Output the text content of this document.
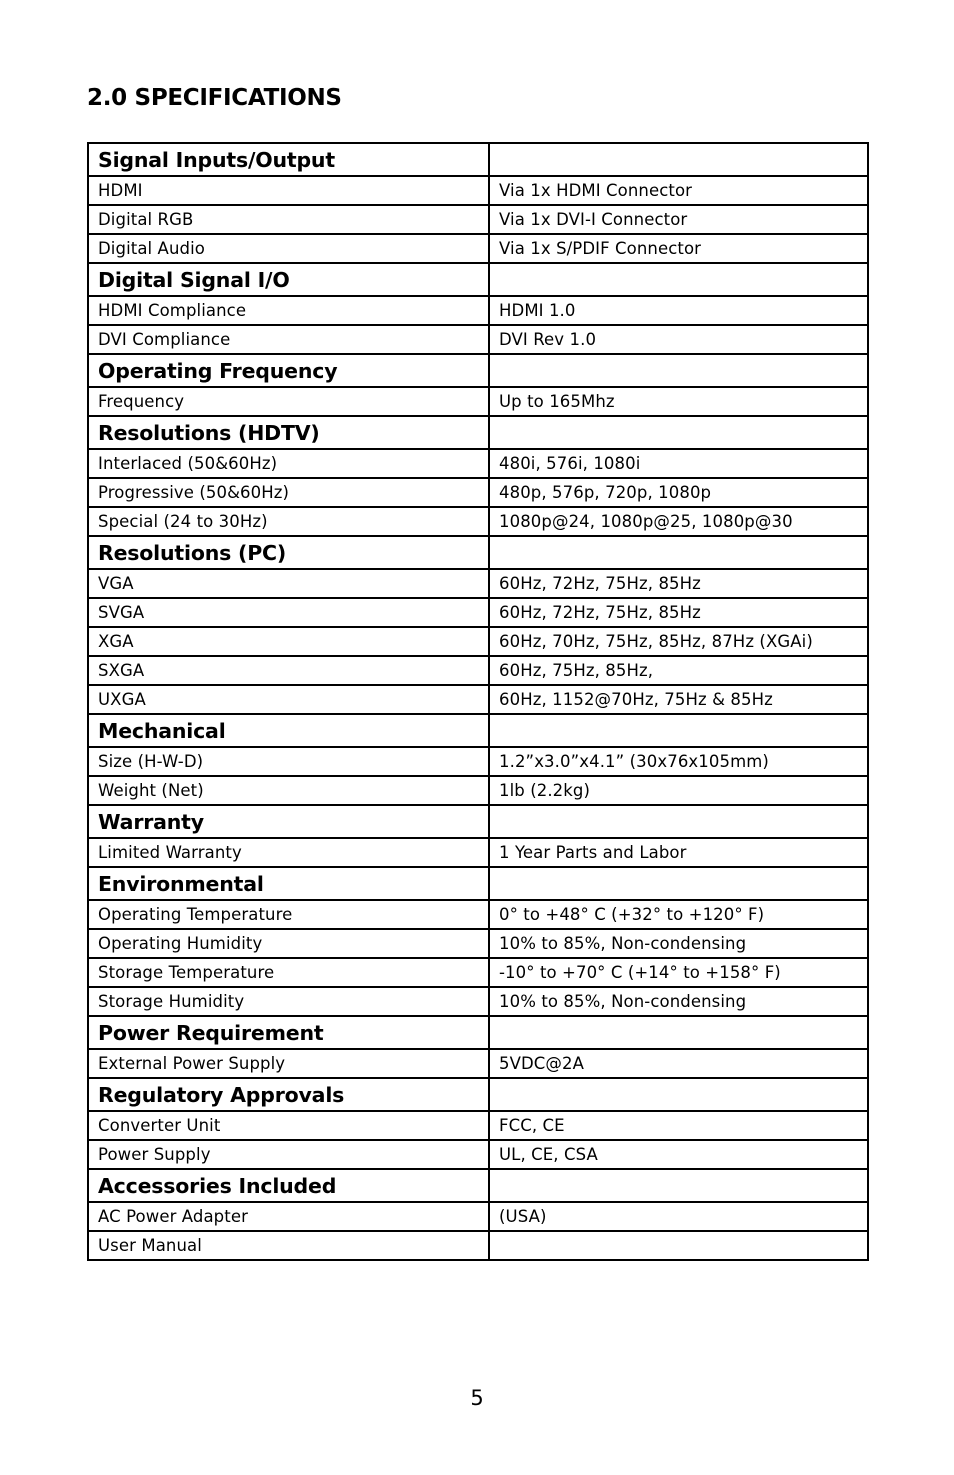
2.0 SPECIFICATIONS
Signal Inputs/Output	
HDMI	Via 1x HDMI Connector
Digital RGB	Via 1x DVI-I Connector
Digital Audio	Via 1x S/PDIF Connector
Digital Signal I/O	
HDMI Compliance	HDMI 1.0
DVI Compliance	DVI Rev 1.0
Operating Frequency	
Frequency	Up to 165Mhz
Resolutions (HDTV)	
Interlaced (50&60Hz)	480i, 576i, 1080i
Progressive (50&60Hz)	480p, 576p, 720p, 1080p
Special (24 to 30Hz)	1080p@24, 1080p@25, 1080p@30
Resolutions (PC)	
VGA	60Hz, 72Hz, 75Hz, 85Hz
SVGA	60Hz, 72Hz, 75Hz, 85Hz
XGA	60Hz, 70Hz, 75Hz, 85Hz, 87Hz (XGAi)
SXGA	60Hz, 75Hz, 85Hz,
UXGA	60Hz, 1152@70Hz, 75Hz & 85Hz
Mechanical	
Size (H-W-D)	1.2”x3.0”x4.1” (30x76x105mm)
Weight (Net)	1lb (2.2kg)
Warranty	
Limited Warranty	1 Year Parts and Labor
Environmental	
Operating Temperature	0° to +48° C (+32° to +120° F)
Operating Humidity	10% to 85%, Non-condensing
Storage Temperature	-10° to +70° C (+14° to +158° F)
Storage Humidity	10% to 85%, Non-condensing
Power Requirement	
External Power Supply	5VDC@2A
Regulatory Approvals	
Converter Unit	FCC, CE
Power Supply	UL, CE, CSA
Accessories Included	
AC Power Adapter	(USA)
User Manual	
5
